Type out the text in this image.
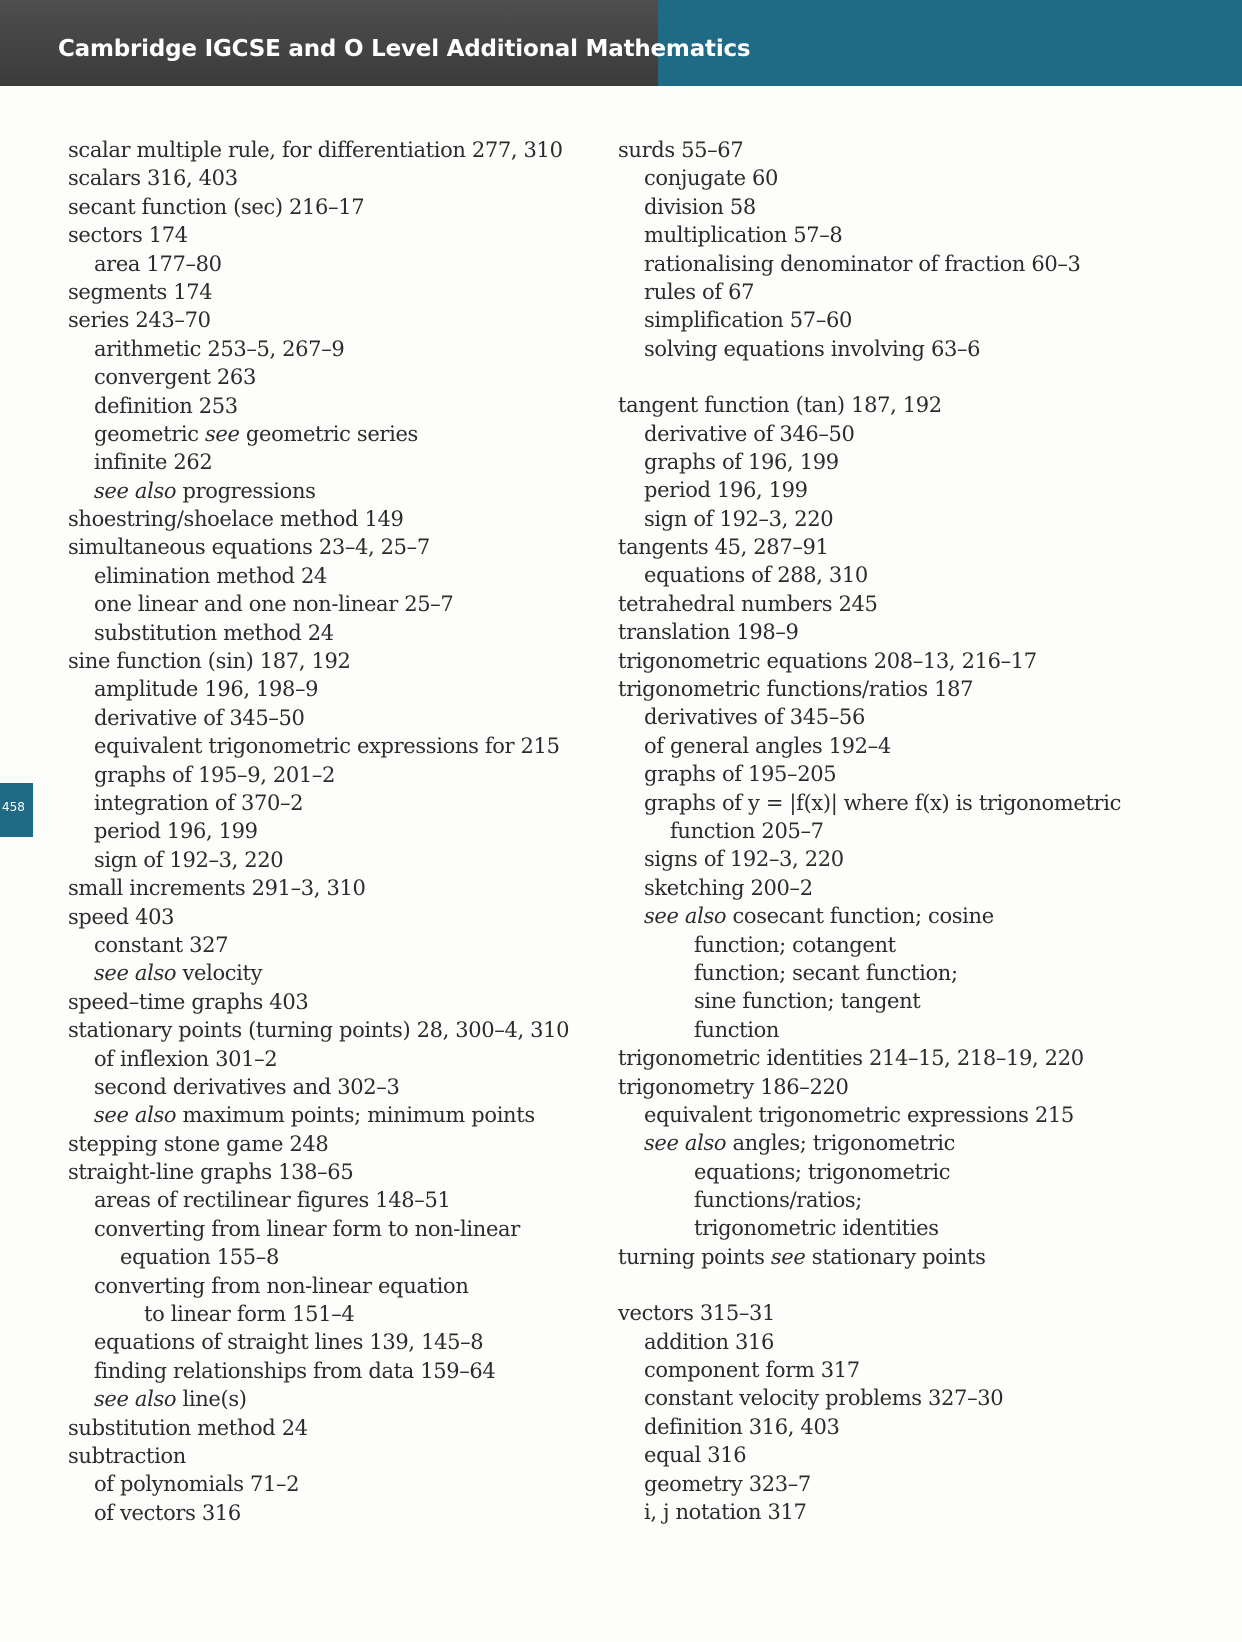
Cambridge IGCSE and O Level Additional Mathematics
458
scalar multiple rule, for differentiation 277, 310
scalars 316, 403
secant function (sec) 216–17
sectors 174
area 177–80
segments 174
series 243–70
arithmetic 253–5, 267–9
convergent 263
definition 253
geometric see geometric series
infinite 262
see also progressions
shoestring/shoelace method 149
simultaneous equations 23–4, 25–7
elimination method 24
one linear and one non-linear 25–7
substitution method 24
sine function (sin) 187, 192
amplitude 196, 198–9
derivative of 345–50
equivalent trigonometric expressions for 215
graphs of 195–9, 201–2
integration of 370–2
period 196, 199
sign of 192–3, 220
small increments 291–3, 310
speed 403
constant 327
see also velocity
speed–time graphs 403
stationary points (turning points) 28, 300–4, 310
of inflexion 301–2
second derivatives and 302–3
see also maximum points; minimum points
stepping stone game 248
straight-line graphs 138–65
areas of rectilinear figures 148–51
converting from linear form to non-linear
equation 155–8
converting from non-linear equation
to linear form 151–4
equations of straight lines 139, 145–8
finding relationships from data 159–64
see also line(s)
substitution method 24
subtraction
of polynomials 71–2
of vectors 316
surds 55–67
conjugate 60
division 58
multiplication 57–8
rationalising denominator of fraction 60–3
rules of 67
simplification 57–60
solving equations involving 63–6
tangent function (tan) 187, 192
derivative of 346–50
graphs of 196, 199
period 196, 199
sign of 192–3, 220
tangents 45, 287–91
equations of 288, 310
tetrahedral numbers 245
translation 198–9
trigonometric equations 208–13, 216–17
trigonometric functions/ratios 187
derivatives of 345–56
of general angles 192–4
graphs of 195–205
graphs of y = |f(x)| where f(x) is trigonometric
function 205–7
signs of 192–3, 220
sketching 200–2
see also cosecant function; cosine
function; cotangent
function; secant function;
sine function; tangent
function
trigonometric identities 214–15, 218–19, 220
trigonometry 186–220
equivalent trigonometric expressions 215
see also angles; trigonometric
equations; trigonometric
functions/ratios;
trigonometric identities
turning points see stationary points
vectors 315–31
addition 316
component form 317
constant velocity problems 327–30
definition 316, 403
equal 316
geometry 323–7
i, j notation 317
